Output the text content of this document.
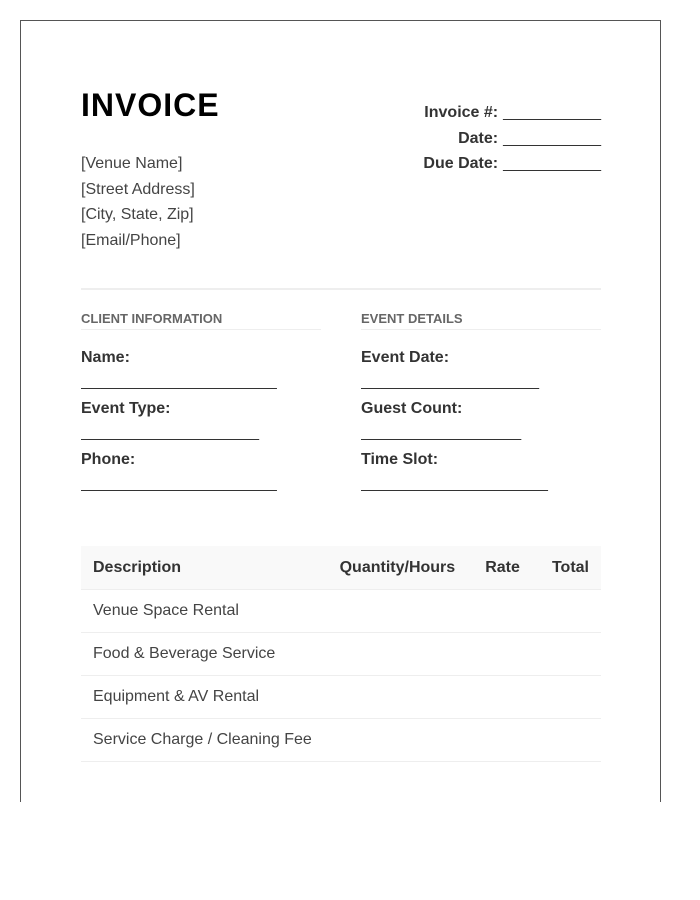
INVOICE
[Venue Name]
[Street Address]
[City, State, Zip]
[Email/Phone]
Invoice #: ___________
Date: ___________
Due Date: ___________
CLIENT INFORMATION
Name:
______________________
Event Type:
____________________
Phone:
______________________
EVENT DETAILS
Event Date:
____________________
Guest Count:
__________________
Time Slot:
_____________________
Description	Quantity/Hours	Rate	Total
Venue Space Rental			
Food & Beverage Service			
Equipment & AV Rental			
Service Charge / Cleaning Fee			
